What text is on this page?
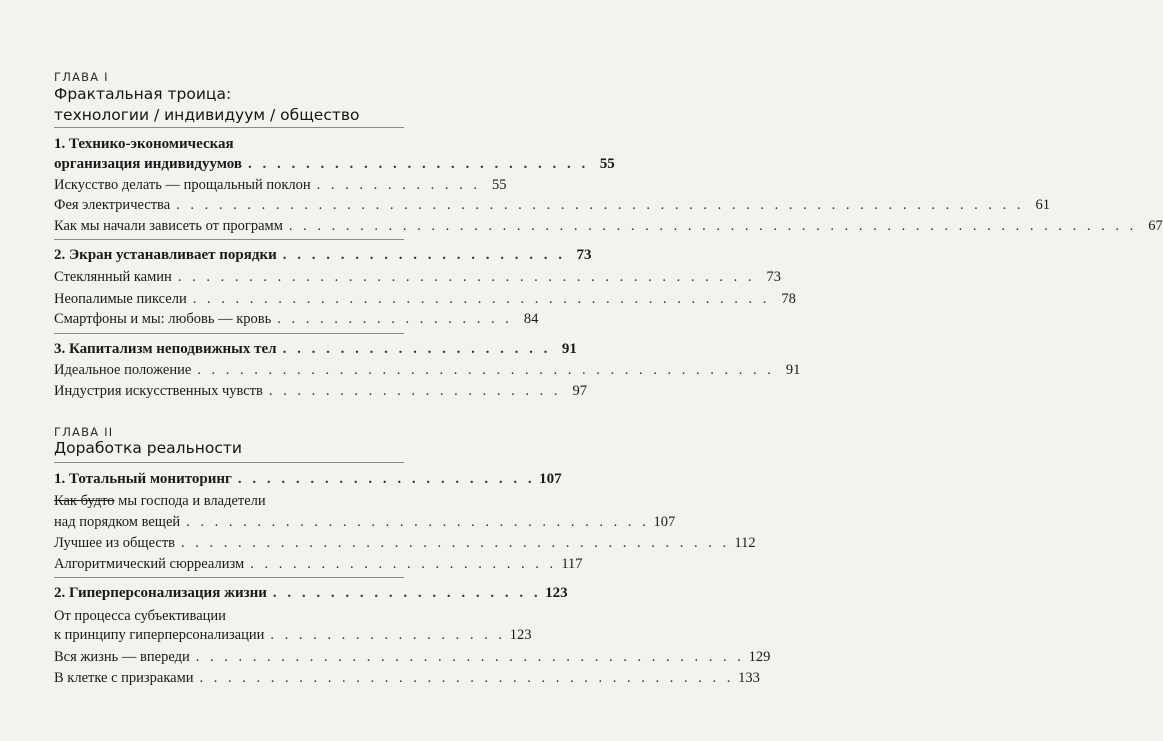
ГЛАВА I
Фрактальная троица:
технологии / индивидуум / общество
1. Технико-экономическая
организация индивидуумов . . . . . . . . . . . . . . . . . . . . . . . . 55
Искусство делать — прощальный поклон . . . . . . . . . . . . 55
Фея электричества . . . . . . . . . . . . . . . . . . . . . . . . . . . . . . . . . . . . . . . . . . . . . . . . . . . . . . . . . . . . 61
Как мы начали зависеть от программ . . . . . . . . . . . . . . . . . . . . . . . . . . . . . . . . . . . . . . . . . . . . . . . . . . . . . . . . . . . . 67
2. Экран устанавливает порядки . . . . . . . . . . . . . . . . . . . . 73
Стеклянный камин . . . . . . . . . . . . . . . . . . . . . . . . . . . . . . . . . . . . . . . . . 73
Неопалимые пиксели . . . . . . . . . . . . . . . . . . . . . . . . . . . . . . . . . . . . . . . . . 78
Смартфоны и мы: любовь — кровь . . . . . . . . . . . . . . . . . 84
3. Капитализм неподвижных тел . . . . . . . . . . . . . . . . . . . 91
Идеальное положение . . . . . . . . . . . . . . . . . . . . . . . . . . . . . . . . . . . . . . . . . 91
Индустрия искусственных чувств . . . . . . . . . . . . . . . . . . . . . 97
ГЛАВА II
Доработка реальности
1. Тотальный мониторинг . . . . . . . . . . . . . . . . . . . . . 107
Как будто мы господа и владетели
над порядком вещей . . . . . . . . . . . . . . . . . . . . . . . . . . . . . . . . . 107
Лучшее из обществ . . . . . . . . . . . . . . . . . . . . . . . . . . . . . . . . . . . . . . . 112
Алгоритмический сюрреализм . . . . . . . . . . . . . . . . . . . . . . 117
2. Гиперперсонализация жизни . . . . . . . . . . . . . . . . . . . 123
От процесса субъективации
к принципу гиперперсонализации . . . . . . . . . . . . . . . . . 123
Вся жизнь — впереди . . . . . . . . . . . . . . . . . . . . . . . . . . . . . . . . . . . . . . . 129
В клетке с призраками . . . . . . . . . . . . . . . . . . . . . . . . . . . . . . . . . . . . . . 133
